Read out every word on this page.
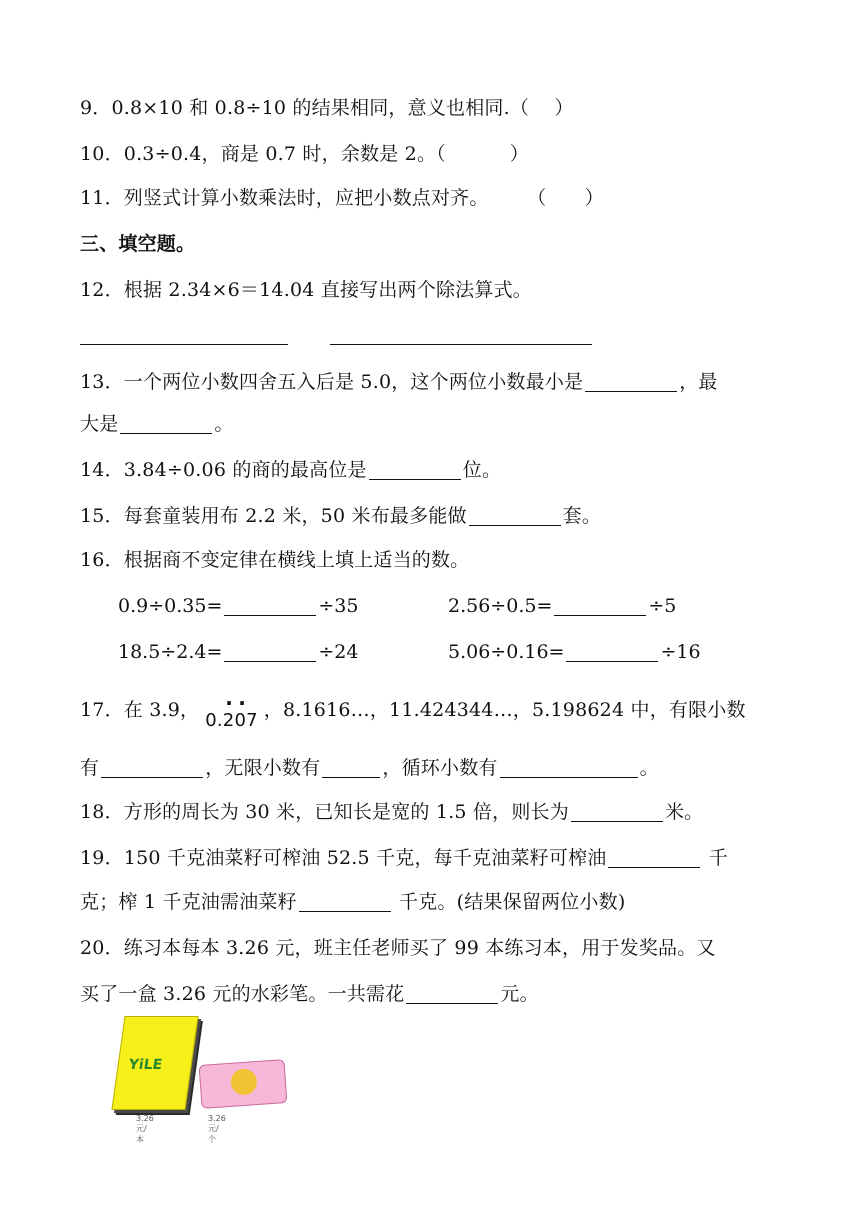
9．0.8×10 和 0.8÷10 的结果相同，意义也相同.（　 ）
10．0.3÷0.4，商是 0.7 时，余数是 2。（　　　 ）
11．列竖式计算小数乘法时，应把小数点对齐。　　　（　　）
三、填空题。
12．根据 2.34×6＝14.04 直接写出两个除法算式。
13．一个两位小数四舍五入后是 5.0，这个两位小数最小是	，最
大是	。
14．3.84÷0.06 的商的最高位是	位。
15．每套童装用布 2.2 米，50 米布最多能做	套。
16．根据商不变定律在横线上填上适当的数。
0.9÷0.35=	÷35	2.56÷0.5=	÷5
18.5÷2.4=	÷24	5.06÷0.16=	÷16
17．在 3.9， 0.207
· · ，8.1616…，11.424344…，5.198624 中，有限小数
有	，无限小数有	，循环小数有	。
18．方形的周长为 30 米，已知长是宽的 1.5 倍，则长为	米。
19．150 千克油菜籽可榨油 52.5 千克，每千克油菜籽可榨油	千
克；榨 1 千克油需油菜籽	千克。(结果保留两位小数)
20．练习本每本 3.26 元，班主任老师买了 99 本练习本，用于发奖品。又
买了一盒 3.26 元的水彩笔。一共需花	元。
YiLE
3.26元/本
3.26元/个
